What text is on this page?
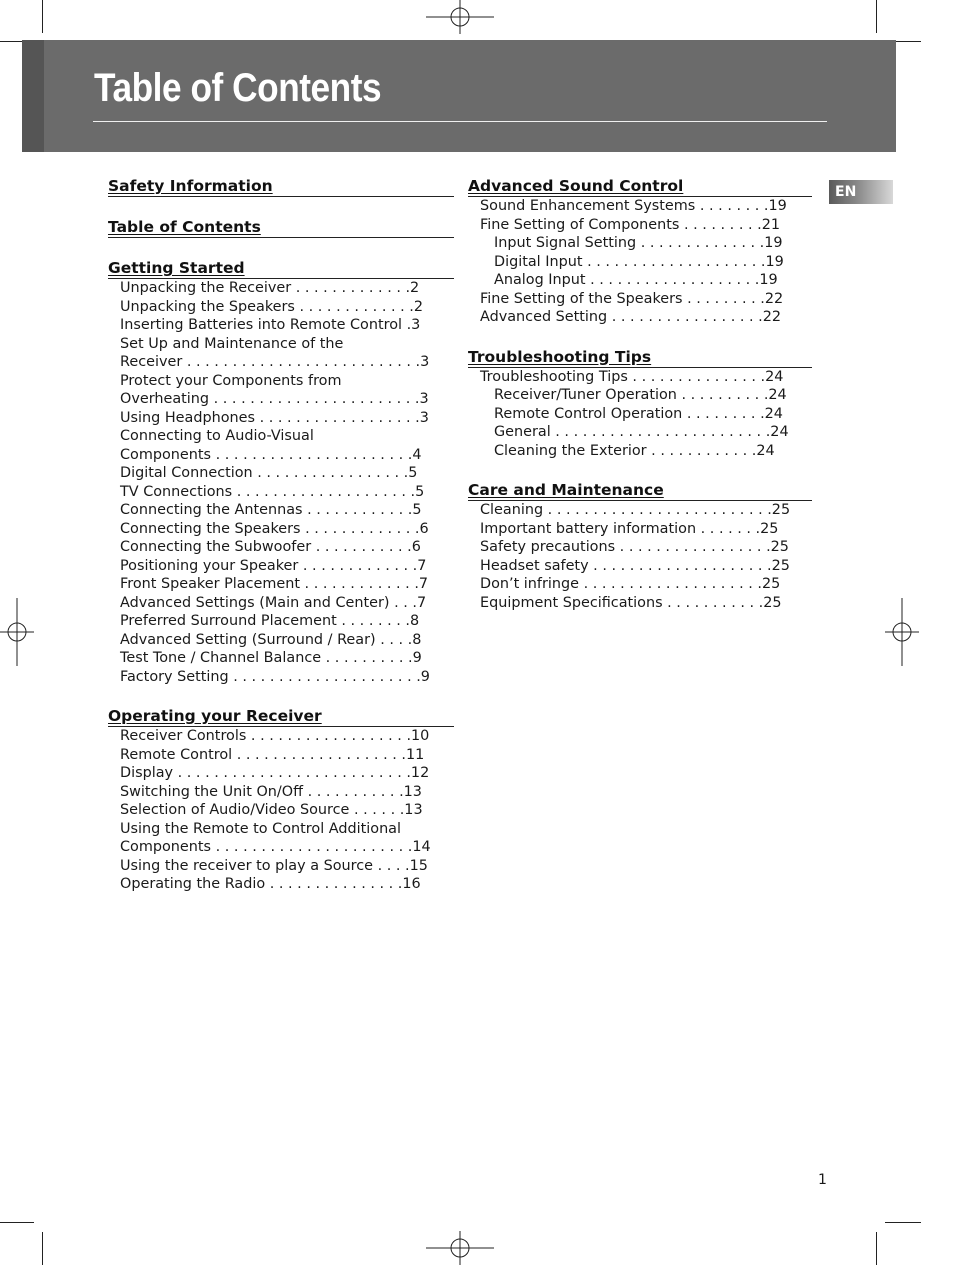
Table of Contents
EN
Safety Information
Table of Contents
Getting Started
Unpacking the Receiver . . . . . . . . . . . . .2
Unpacking the Speakers . . . . . . . . . . . . .2
Inserting Batteries into Remote Control .3
Set Up and Maintenance of the
Receiver . . . . . . . . . . . . . . . . . . . . . . . . . .3
Protect your Components from
Overheating . . . . . . . . . . . . . . . . . . . . . . .3
Using Headphones . . . . . . . . . . . . . . . . . .3
Connecting to Audio-Visual
Components . . . . . . . . . . . . . . . . . . . . . .4
Digital Connection . . . . . . . . . . . . . . . . .5
TV Connections . . . . . . . . . . . . . . . . . . . .5
Connecting the Antennas . . . . . . . . . . . .5
Connecting the Speakers . . . . . . . . . . . . .6
Connecting the Subwoofer . . . . . . . . . . .6
Positioning your Speaker . . . . . . . . . . . . .7
Front Speaker Placement . . . . . . . . . . . . .7
Advanced Settings (Main and Center) . . .7
Preferred Surround Placement . . . . . . . .8
Advanced Setting (Surround / Rear) . . . .8
Test Tone / Channel Balance . . . . . . . . . .9
Factory Setting . . . . . . . . . . . . . . . . . . . . .9
Operating your Receiver
Receiver Controls . . . . . . . . . . . . . . . . . .10
Remote Control . . . . . . . . . . . . . . . . . . .11
Display . . . . . . . . . . . . . . . . . . . . . . . . . .12
Switching the Unit On/Off . . . . . . . . . . .13
Selection of Audio/Video Source . . . . . .13
Using the Remote to Control Additional
Components . . . . . . . . . . . . . . . . . . . . . .14
Using the receiver to play a Source . . . .15
Operating the Radio . . . . . . . . . . . . . . .16
Advanced Sound Control
Sound Enhancement Systems . . . . . . . .19
Fine Setting of Components . . . . . . . . .21
Input Signal Setting . . . . . . . . . . . . . .19
Digital Input . . . . . . . . . . . . . . . . . . . .19
Analog Input . . . . . . . . . . . . . . . . . . .19
Fine Setting of the Speakers . . . . . . . . .22
Advanced Setting . . . . . . . . . . . . . . . . .22
Troubleshooting Tips
Troubleshooting Tips . . . . . . . . . . . . . . .24
Receiver/Tuner Operation . . . . . . . . . .24
Remote Control Operation . . . . . . . . .24
General . . . . . . . . . . . . . . . . . . . . . . . .24
Cleaning the Exterior . . . . . . . . . . . .24
Care and Maintenance
Cleaning . . . . . . . . . . . . . . . . . . . . . . . . .25
Important battery information . . . . . . .25
Safety precautions . . . . . . . . . . . . . . . . .25
Headset safety . . . . . . . . . . . . . . . . . . . .25
Don’t infringe . . . . . . . . . . . . . . . . . . . .25
Equipment Specifications . . . . . . . . . . .25
1
